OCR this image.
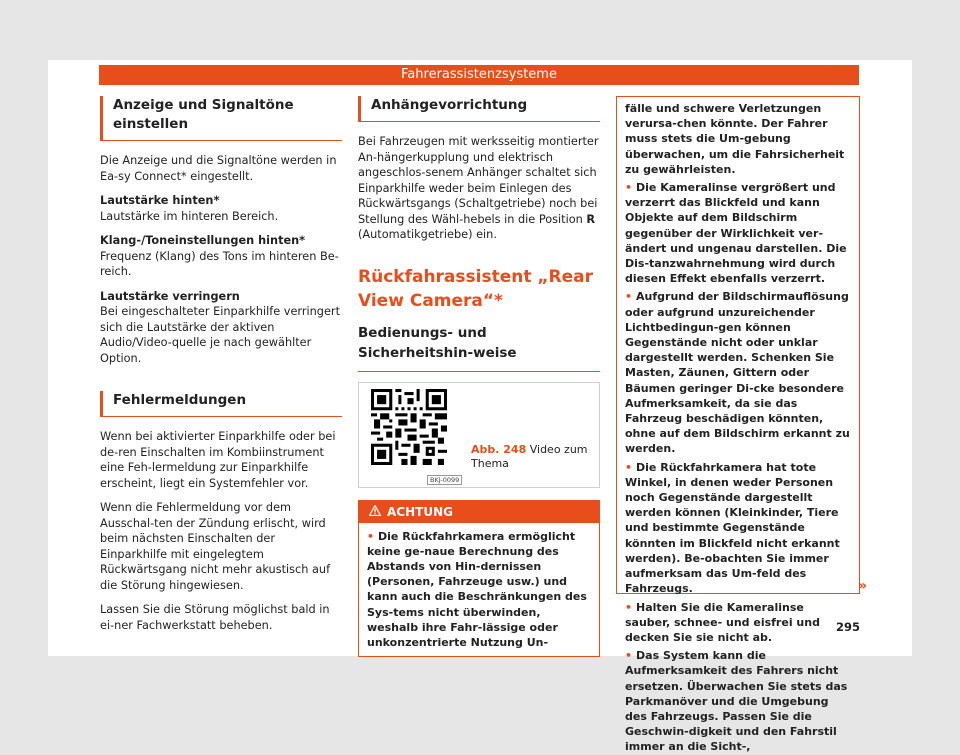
Fahrerassistenzsysteme
Anzeige und Signaltöne einstellen

Die Anzeige und die Signaltöne werden in Ea-sy Connect* eingestellt.

Lautstärke hinten*

Lautstärke im hinteren Bereich.

Klang-/Toneinstellungen hinten*

Frequenz (Klang) des Tons im hinteren Be-reich.

Lautstärke verringern

Bei eingeschalteter Einparkhilfe verringert sich die Lautstärke der aktiven Audio/Video-quelle je nach gewählter Option.

Fehlermeldungen

Wenn bei aktivierter Einparkhilfe oder bei de-ren Einschalten im Kombiinstrument eine Feh-lermeldung zur Einparkhilfe erscheint, liegt ein Systemfehler vor.

Wenn die Fehlermeldung vor dem Ausschal-ten der Zündung erlischt, wird beim nächsten Einschalten der Einparkhilfe mit eingelegtem Rückwärtsgang nicht mehr akustisch auf die Störung hingewiesen.

Lassen Sie die Störung möglichst bald in ei-ner Fachwerkstatt beheben.

Anhängevorrichtung

Bei Fahrzeugen mit werksseitig montierter An-hängerkupplung und elektrisch angeschlos-senem Anhänger schaltet sich Einparkhilfe weder beim Einlegen des Rückwärtsgangs (Schaltgetriebe) noch bei Stellung des Wähl-hebels in die Position R (Automatikgetriebe) ein.

Rückfahrassistent „Rear View Camera“*
Bedienungs- und Sicherheitshin-weise
BKJ-0099
Abb. 248 Video zum Thema
ACHTUNG
• Die Rückfahrkamera ermöglicht keine ge-naue Berechnung des Abstands von Hin-dernissen (Personen, Fahrzeuge usw.) und kann auch die Beschränkungen des Sys-tems nicht überwinden, weshalb ihre Fahr-lässige oder unkonzentrierte Nutzung Un-

fälle und schwere Verletzungen verursa-chen könnte. Der Fahrer muss stets die Um-gebung überwachen, um die Fahrsicherheit zu gewährleisten.

• Die Kameralinse vergrößert und verzerrt das Blickfeld und kann Objekte auf dem Bildschirm gegenüber der Wirklichkeit ver-ändert und ungenau darstellen. Die Dis-tanzwahrnehmung wird durch diesen Effekt ebenfalls verzerrt.

• Aufgrund der Bildschirmauflösung oder aufgrund unzureichender Lichtbedingun-gen können Gegenstände nicht oder unklar dargestellt werden. Schenken Sie Masten, Zäunen, Gittern oder Bäumen geringer Di-cke besondere Aufmerksamkeit, da sie das Fahrzeug beschädigen könnten, ohne auf dem Bildschirm erkannt zu werden.

• Die Rückfahrkamera hat tote Winkel, in denen weder Personen noch Gegenstände dargestellt werden können (Kleinkinder, Tiere und bestimmte Gegenstände könnten im Blickfeld nicht erkannt werden). Be-obachten Sie immer aufmerksam das Um-feld des Fahrzeugs.

• Halten Sie die Kameralinse sauber, schnee- und eisfrei und decken Sie sie nicht ab.

• Das System kann die Aufmerksamkeit des Fahrers nicht ersetzen. Überwachen Sie stets das Parkmanöver und die Umgebung des Fahrzeugs. Passen Sie die Geschwin-digkeit und den Fahrstil immer an die Sicht-,

»
295
